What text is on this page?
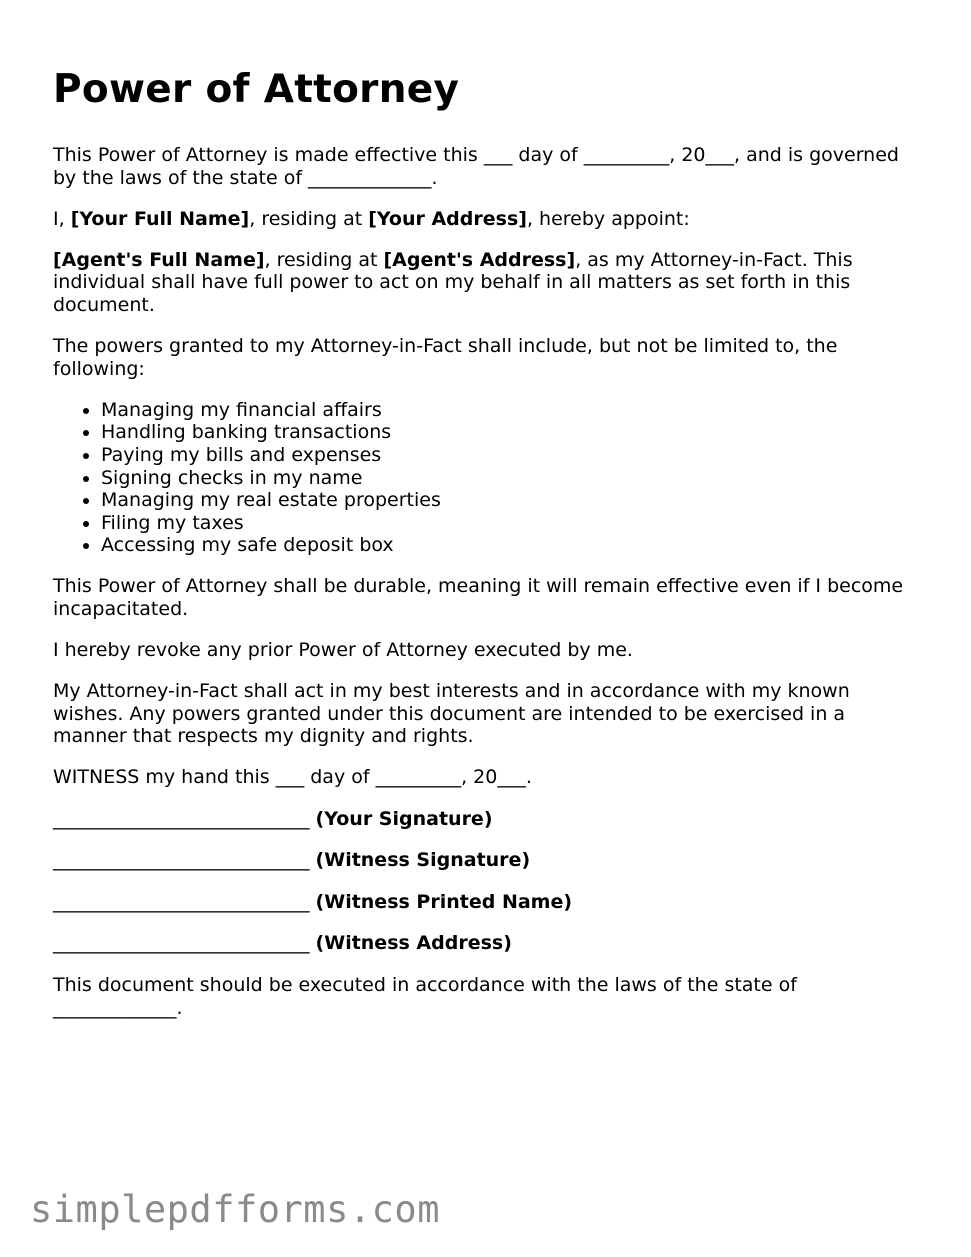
Power of Attorney

This Power of Attorney is made effective this ___ day of _________, 20___, and is governed by the laws of the state of _____________.

I, [Your Full Name], residing at [Your Address], hereby appoint:

[Agent's Full Name], residing at [Agent's Address], as my Attorney-in-Fact. This individual shall have full power to act on my behalf in all matters as set forth in this document.

The powers granted to my Attorney-in-Fact shall include, but not be limited to, the following:

• Managing my financial affairs
• Handling banking transactions
• Paying my bills and expenses
• Signing checks in my name
• Managing my real estate properties
• Filing my taxes
• Accessing my safe deposit box

This Power of Attorney shall be durable, meaning it will remain effective even if I become incapacitated.

I hereby revoke any prior Power of Attorney executed by me.

My Attorney-in-Fact shall act in my best interests and in accordance with my known wishes. Any powers granted under this document are intended to be exercised in a manner that respects my dignity and rights.

WITNESS my hand this ___ day of _________, 20___.

___________________________ (Your Signature)
___________________________ (Witness Signature)
___________________________ (Witness Printed Name)
___________________________ (Witness Address)

This document should be executed in accordance with the laws of the state of _____________.

simplepdfforms.com
